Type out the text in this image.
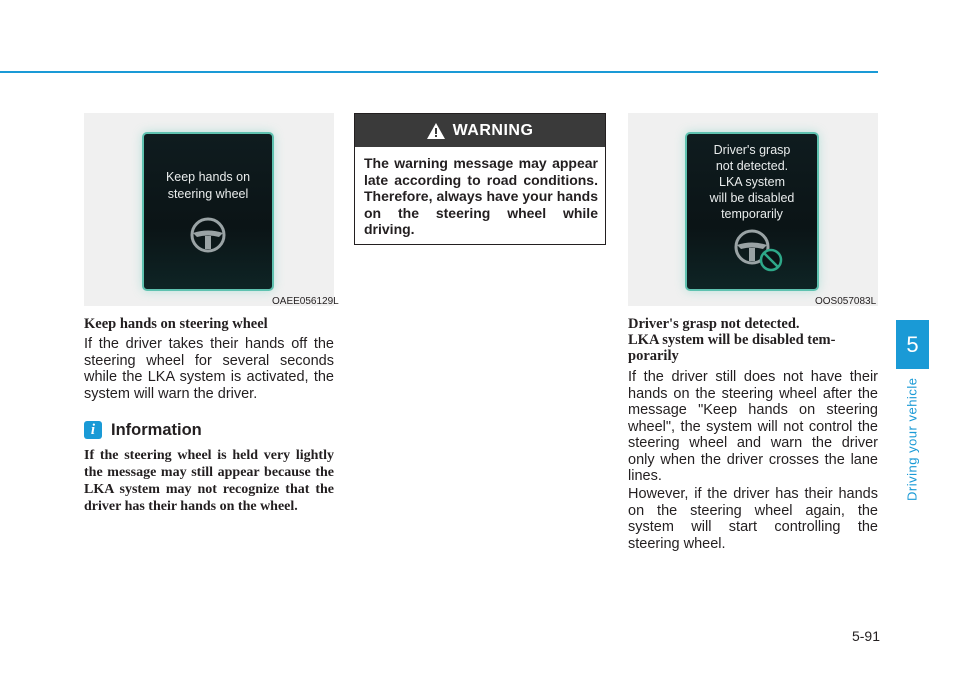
Keep hands on
steering wheel
OAEE056129L
Keep hands on steering wheel
If the driver takes their hands off the steering wheel for several seconds while the LKA system is activated, the system will warn the driver.
i Information
If the steering wheel is held very lightly the message may still appear because the LKA system may not recognize that the driver has their hands on the wheel.
WARNING
The warning message may appear late according to road conditions. Therefore, always have your hands on the steering wheel while driving.
Driver's grasp
not detected.
LKA system
will be disabled
temporarily
OOS057083L
Driver's grasp not detected.
LKA system will be disabled tem-
porarily
If the driver still does not have their hands on the steering wheel after the message "Keep hands on steering wheel", the system will not control the steering wheel and warn the driver only when the driver crosses the lane lines.
However, if the driver has their hands on the steering wheel again, the system will start controlling the steering wheel.
5
Driving your vehicle
5-91
